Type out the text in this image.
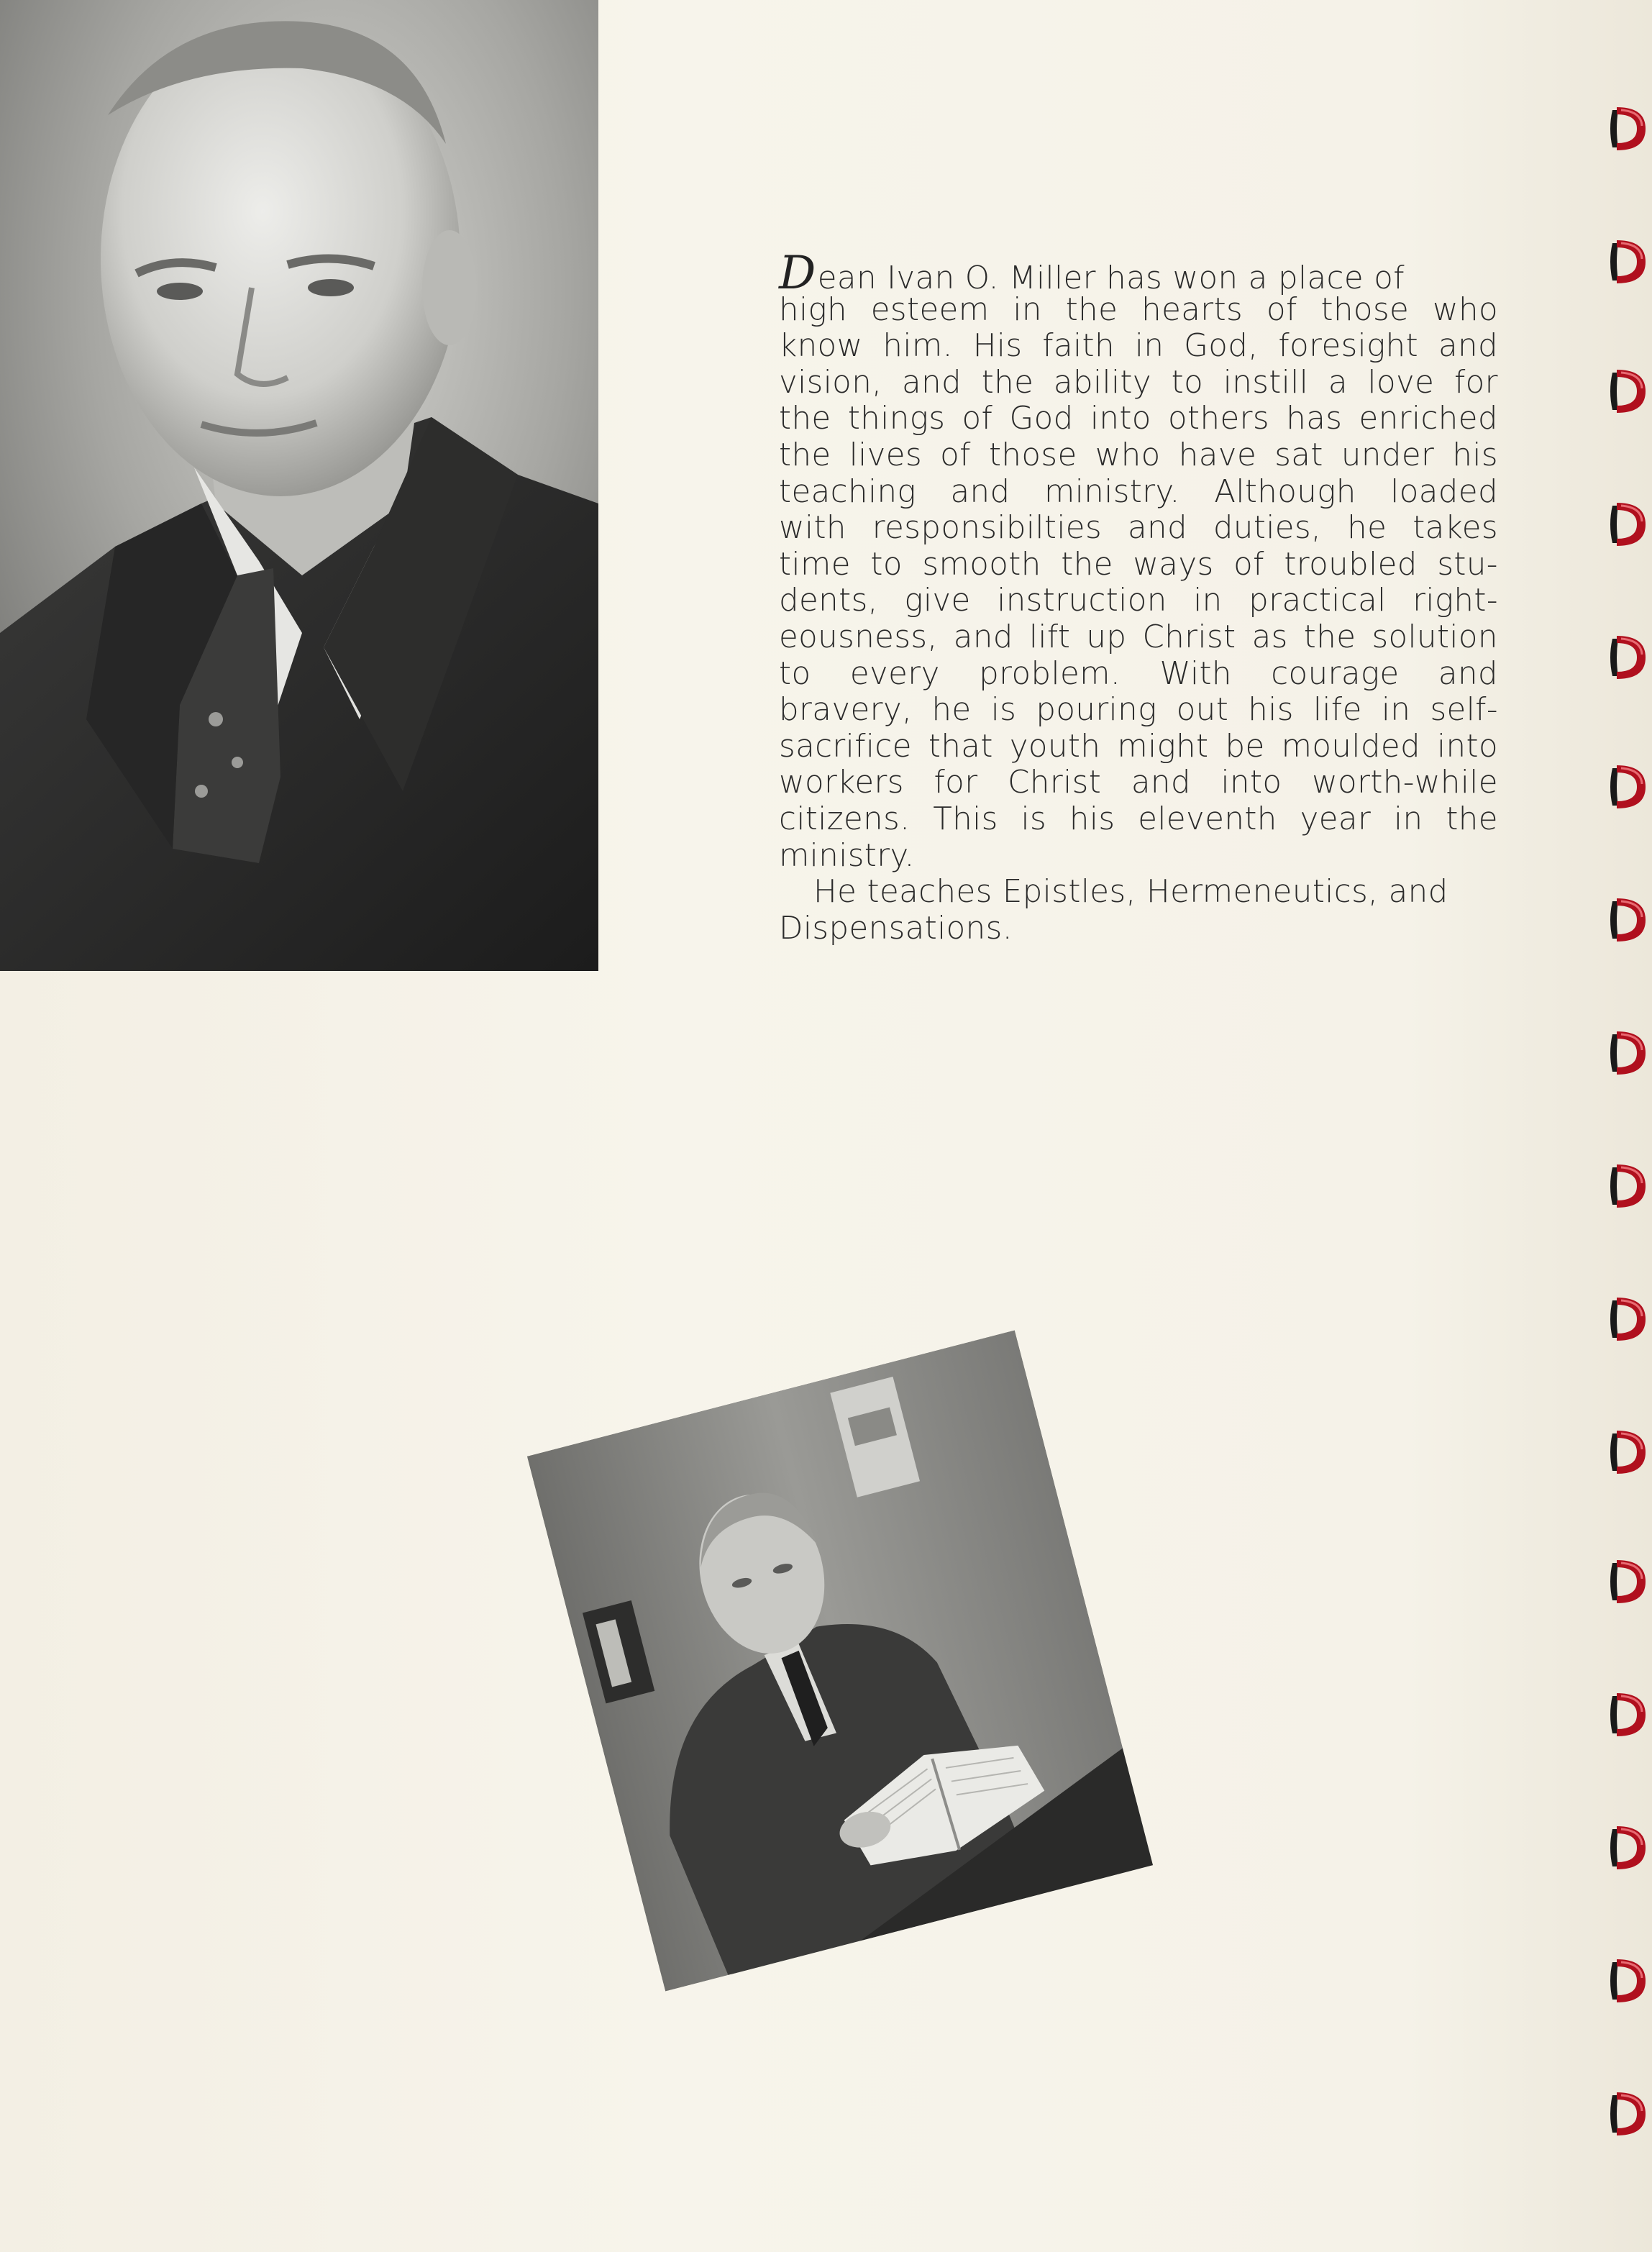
Dean Ivan O. Miller has won a place of
high esteem in the hearts of those who
know him. His faith in God, foresight and
vision, and the ability to instill a love for
the things of God into others has enriched
the lives of those who have sat under his
teaching and ministry. Although loaded
with responsibilties and duties, he takes
time to smooth the ways of troubled stu-
dents, give instruction in practical right-
eousness, and lift up Christ as the solution
to every problem. With courage and
bravery, he is pouring out his life in self-
sacrifice that youth might be moulded into
workers for Christ and into worth-while
citizens. This is his eleventh year in the
ministry.
He teaches Epistles, Hermeneutics, and
Dispensations.
